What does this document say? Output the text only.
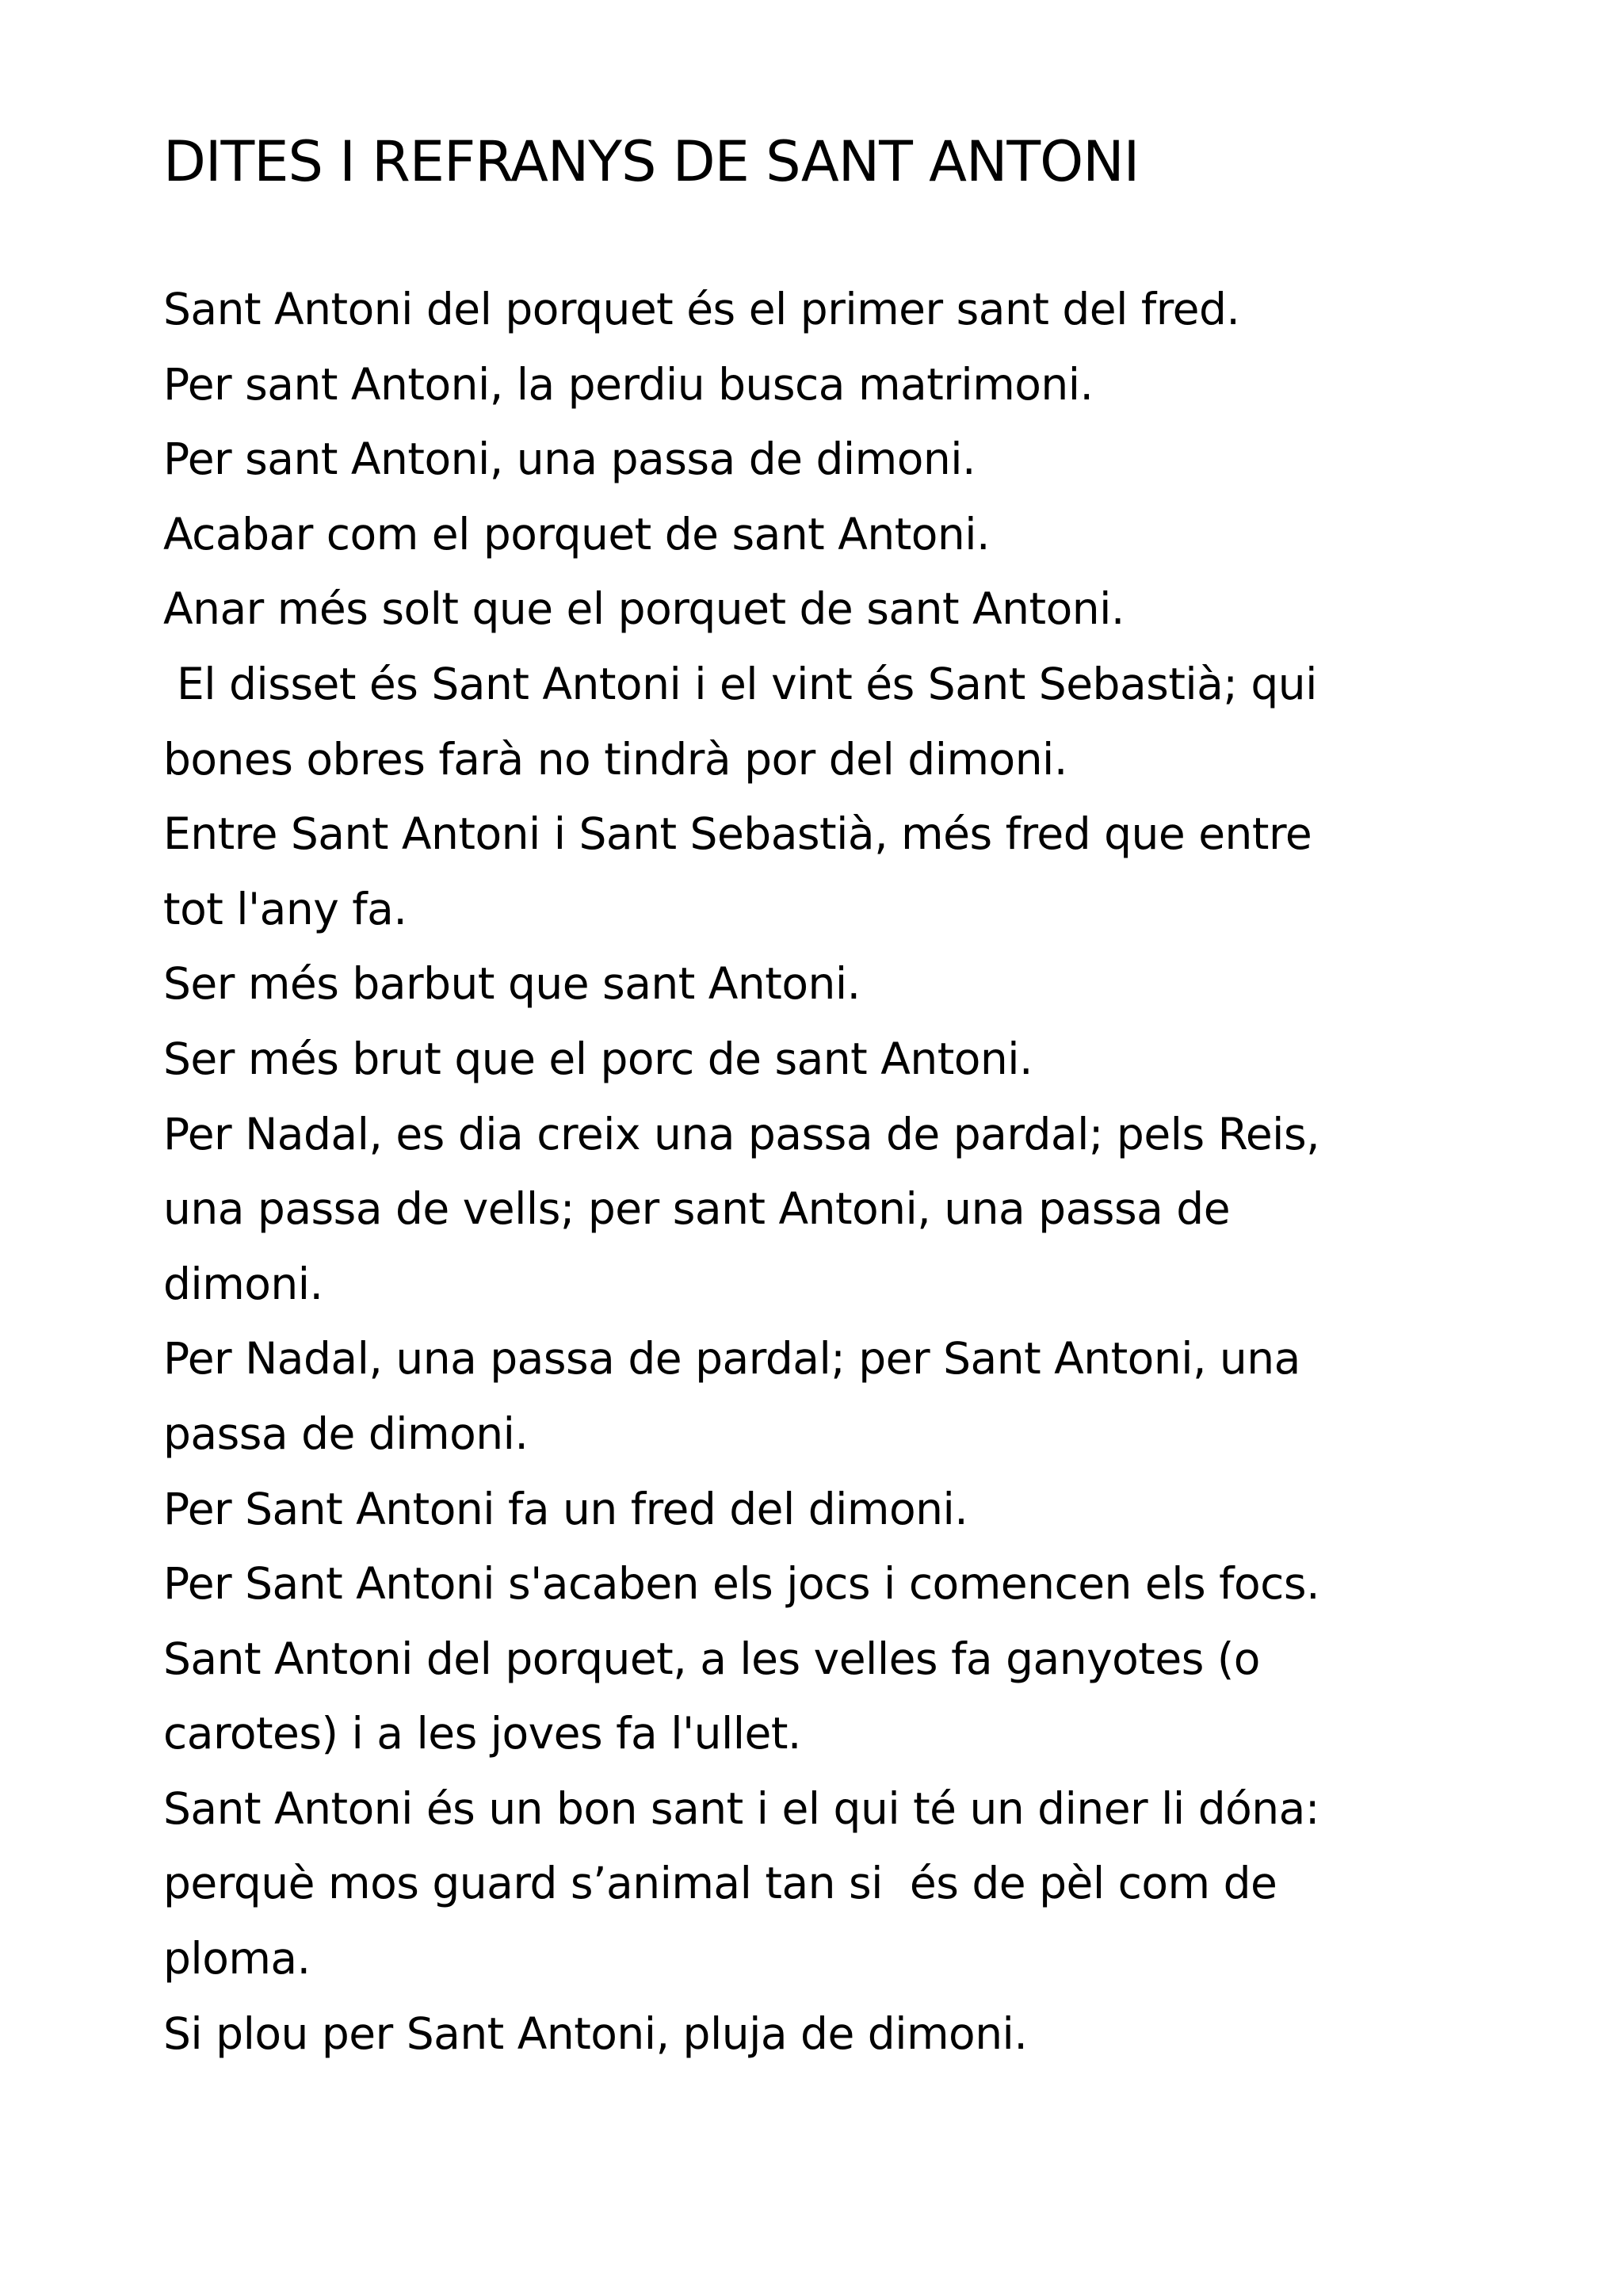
DITES I REFRANYS DE SANT ANTONI
Sant Antoni del porquet és el primer sant del fred.
Per sant Antoni, la perdiu busca matrimoni.
Per sant Antoni, una passa de dimoni.
Acabar com el porquet de sant Antoni.
Anar més solt que el porquet de sant Antoni.
El disset és Sant Antoni i el vint és Sant Sebastià; qui
bones obres farà no tindrà por del dimoni.
Entre Sant Antoni i Sant Sebastià, més fred que entre
tot l'any fa.
Ser més barbut que sant Antoni.
Ser més brut que el porc de sant Antoni.
Per Nadal, es dia creix una passa de pardal; pels Reis,
una passa de vells; per sant Antoni, una passa de
dimoni.
Per Nadal, una passa de pardal; per Sant Antoni, una
passa de dimoni.
Per Sant Antoni fa un fred del dimoni.
Per Sant Antoni s'acaben els jocs i comencen els focs.
Sant Antoni del porquet, a les velles fa ganyotes (o
carotes) i a les joves fa l'ullet.
Sant Antoni és un bon sant i el qui té un diner li dóna:
perquè mos guard s’animal tan si  és de pèl com de
ploma.
Si plou per Sant Antoni, pluja de dimoni.
